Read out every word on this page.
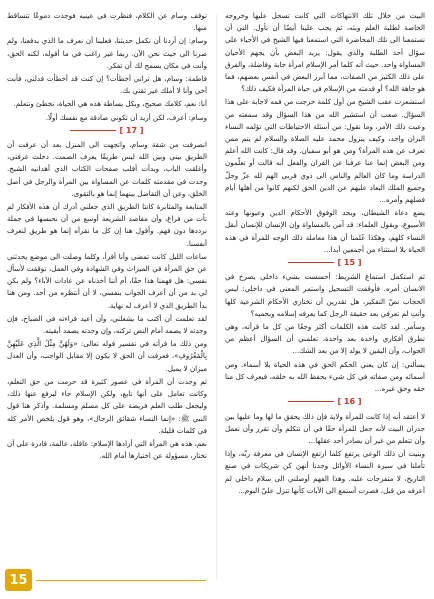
البيت من خلال تلك الانتهاكات التي كانت تسجل عليها وخروجه الخاصة لطلبة العلم وبثه، ثم يجب علينا أيضًا أن نأول. التي أن تستمعنا الى تلك المحاضرة التي استمعنا فيها الشيخ في الأحياء على سؤال أحد الطلبة والذي يقول: يريد البعض بأن يجهم الأحيان المساواة واحد. حيث أنه كلما أمر الإسلام امرأة جابة وفاضلة، والفرق على ذلك الكثير من الصفات، مما أبرز البعض في أنفس بعضهم، فما هو جاهة الله؟ أو قدمته من الإسلام في حياة المرأة فكيف ذلك؟

استشعرت عقب الشيخ من أول كلمة حرجت من فمه لاجابة على هذا السؤال. صعب أن استشير الله من هذا السؤال وقد سمعته من وعيت ذلك الأمر، وما نقول: من أسئلة الاحتياطات التي تؤلمه النساء البران واحد، وكيف ينزول محمد عليه الصلاة والسلام لم يتم ممن تعرف عن هذه المرأة؟ ومن هو أبو سفيان. وقد قال: كانت الله أعلم ومن البعض إنما عنا عرفنا عن القران والفعل أنه قالت أو تعلّمون الدراسة وما كان العالم والناس الى ذوي قربى الهم لله عزّ وجلّ وجميع الملك البعاد عليهم عن الدين الحق لكنهم كانوا من أهلها أيام فضلهم وأمره...

يضع دعاة الشيطان، ويجد الوفوق الأحكام الدين وعيونها وعند الأسبوع، ويقول العلماء: قد آمن بالمساواة وإن الإنسان للإنسان أبقل النساء كلهم، وهكذا عُلمنا أن هذا معاملة ذلك الوجه للمرأة في هذه الحياة بلا استثناء من أجمعين أبدا...

[ 15 ]

ثم استكمل استماع الشريط: أحسست بشيء داخلي يصرخ في الانسان أمره. فأوقفت التسجيل واستمر المعنى في داخلي: ليس الحجاب نصّ التفكير، هل تقدرين أن تختاري الأحكام الشرعية كلها وأنتِ لم تعرفي بعد حقيقة الرجل كما يعرفه إسلامه ويحميه؟

وسأمر. لقد كانت هذه الكلمات أكثر وجعًا من كل ما قرأته، وهي تطرق أفكاري واحدة بعد واحدة، تعلمني أن السؤال أعظم من الجواب، وأن اليقين لا يولد إلا من بعد الشك...

يسألني: إن كان يعني الحكم الحق في هذه الحياة بلا أسماء. ومن أسمائه ومن صفاته في كل شيء يحفظ الله به خلقه، فيعرف كل منا حقه وحق غيره...

[ 16 ]

لا أعتقد أنه إذا كانت للمرأة ولاية فإن ذلك يحقق ما لها وما عليها بين جدران البيت لأنه جعل للمرأة حقًا في أن تتكلم وأن تقرر وأن تعمل وأن تتعلم من غير أن يصادر أحد عقلها...

وبنيت أن ذلك الوعي يرتفع كلما ارتفع الإنسان في معرفة ربّه، وإذا تأملنا في سيرة النساء الأوائل وجدنا أنهن كن شريكات في صنع التاريخ، لا متفرجات عليه. وهذا الفهم أوصلني الى سلام داخلي لم أعرفه من قبل، فصرت أستمع الى الآيات كأنها تنزل عليّ اليوم...

توقف وسام عن الكلام، فنظرت في عينيه فوجدت دموعًا تتساقط منها.

وسام: إن أردنا أن نكمل حديثنا، فعلينا أن نعرف ما الذي يدفعنا، ولم صرنا الى حيث نحن الآن. ربما غير راغب في ما أقوله، لكنه الحق، وأنت في مكان يسمح لك أن تفكر.

فاطمة: وسام، هل تراني أخطأت؟ إن كنت قد أخطأت فدلني، فأنت أخي وأنا لا أملك غير ثقتي بك.

أنا: نعم، كلامك صحيح، وبكل بساطة هذه هي الحياة، نخطئ ونتعلم.

وسام: أعرف، لكن أريد أن تكوني صادقة مع نفسك أولًا.

[ 17 ]

انصرفت من شقة وسام، واتجهت الى المنزل بعد أن عرفت أن الطريق بيني وبين الله ليس طريقًا يعرف الصمت. دخلت غرفتي، وأغلقت الباب، وبدأت أقلب صفحات الكتاب الذي أهدانيه الشيخ. وجدت في مقدمته كلمات عن المساواة بين المرأة والرجل في أصل الخلق، وعن أن التفاضل بينهما إنما هو بالتقوى.

المتابعة والمثابرة كانتا الطريق الذي جعلني أدرك أن هذه الأفكار لم تأت من فراغ، وأن مقاصد الشريعة أوسع من أن نحبسها في جملة نرددها دون فهم. وأقول هنا إن كل ما نقرأه إنما هو طريق لنعرف أنفسنا.

ساعات الليل كانت تمضي وأنا أقرأ، وكلما وصلت الى موضع يحدثني عن حق المرأة في الميراث وفي الشهادة وفي العمل، توقفت لأسأل نفسي: هل فهمنا هذا حقًا، أم أننا أخذناه عن عادات الآباء؟ ولم يكن لي بد من أن أعرف الجواب بنفسي، لا أن أنتظره من أحد. ومن هنا بدأ الطريق الذي لا أعرف له نهاية.

لقد تعلمت أن أكتب ما يشغلني، وأن أعيد قراءته في الصباح، فإن وجدته لا يصمد أمام النص تركته، وإن وجدته يصمد أبقيته.

ومن ذلك ما قرأته في تفسير قوله تعالى: «وَلَهُنَّ مِثْلُ الَّذِي عَلَيْهِنَّ بِالْمَعْرُوفِ»، فعرفت أن الحق لا يكون إلا مقابل الواجب، وأن العدل ميزان لا يميل.

ثم وجدت أن المرأة في عصور كثيرة قد حرمت من حق التعلم، وكانت تعامل على أنها تابع، ولكن الإسلام جاء ليرفع عنها ذلك، وليجعل طلب العلم فريضة على كل مسلم ومسلمة. وأذكر هنا قول النبي ﷺ: «إنما النساء شقائق الرجال»، وهو قول يلخص الأمر كله في كلمات قليلة.

نعم، هذه هي المرأة التي أرادها الإسلام: عاقلة، عالمة، قادرة على أن تختار، مسؤولة عن اختيارها أمام الله.

15
